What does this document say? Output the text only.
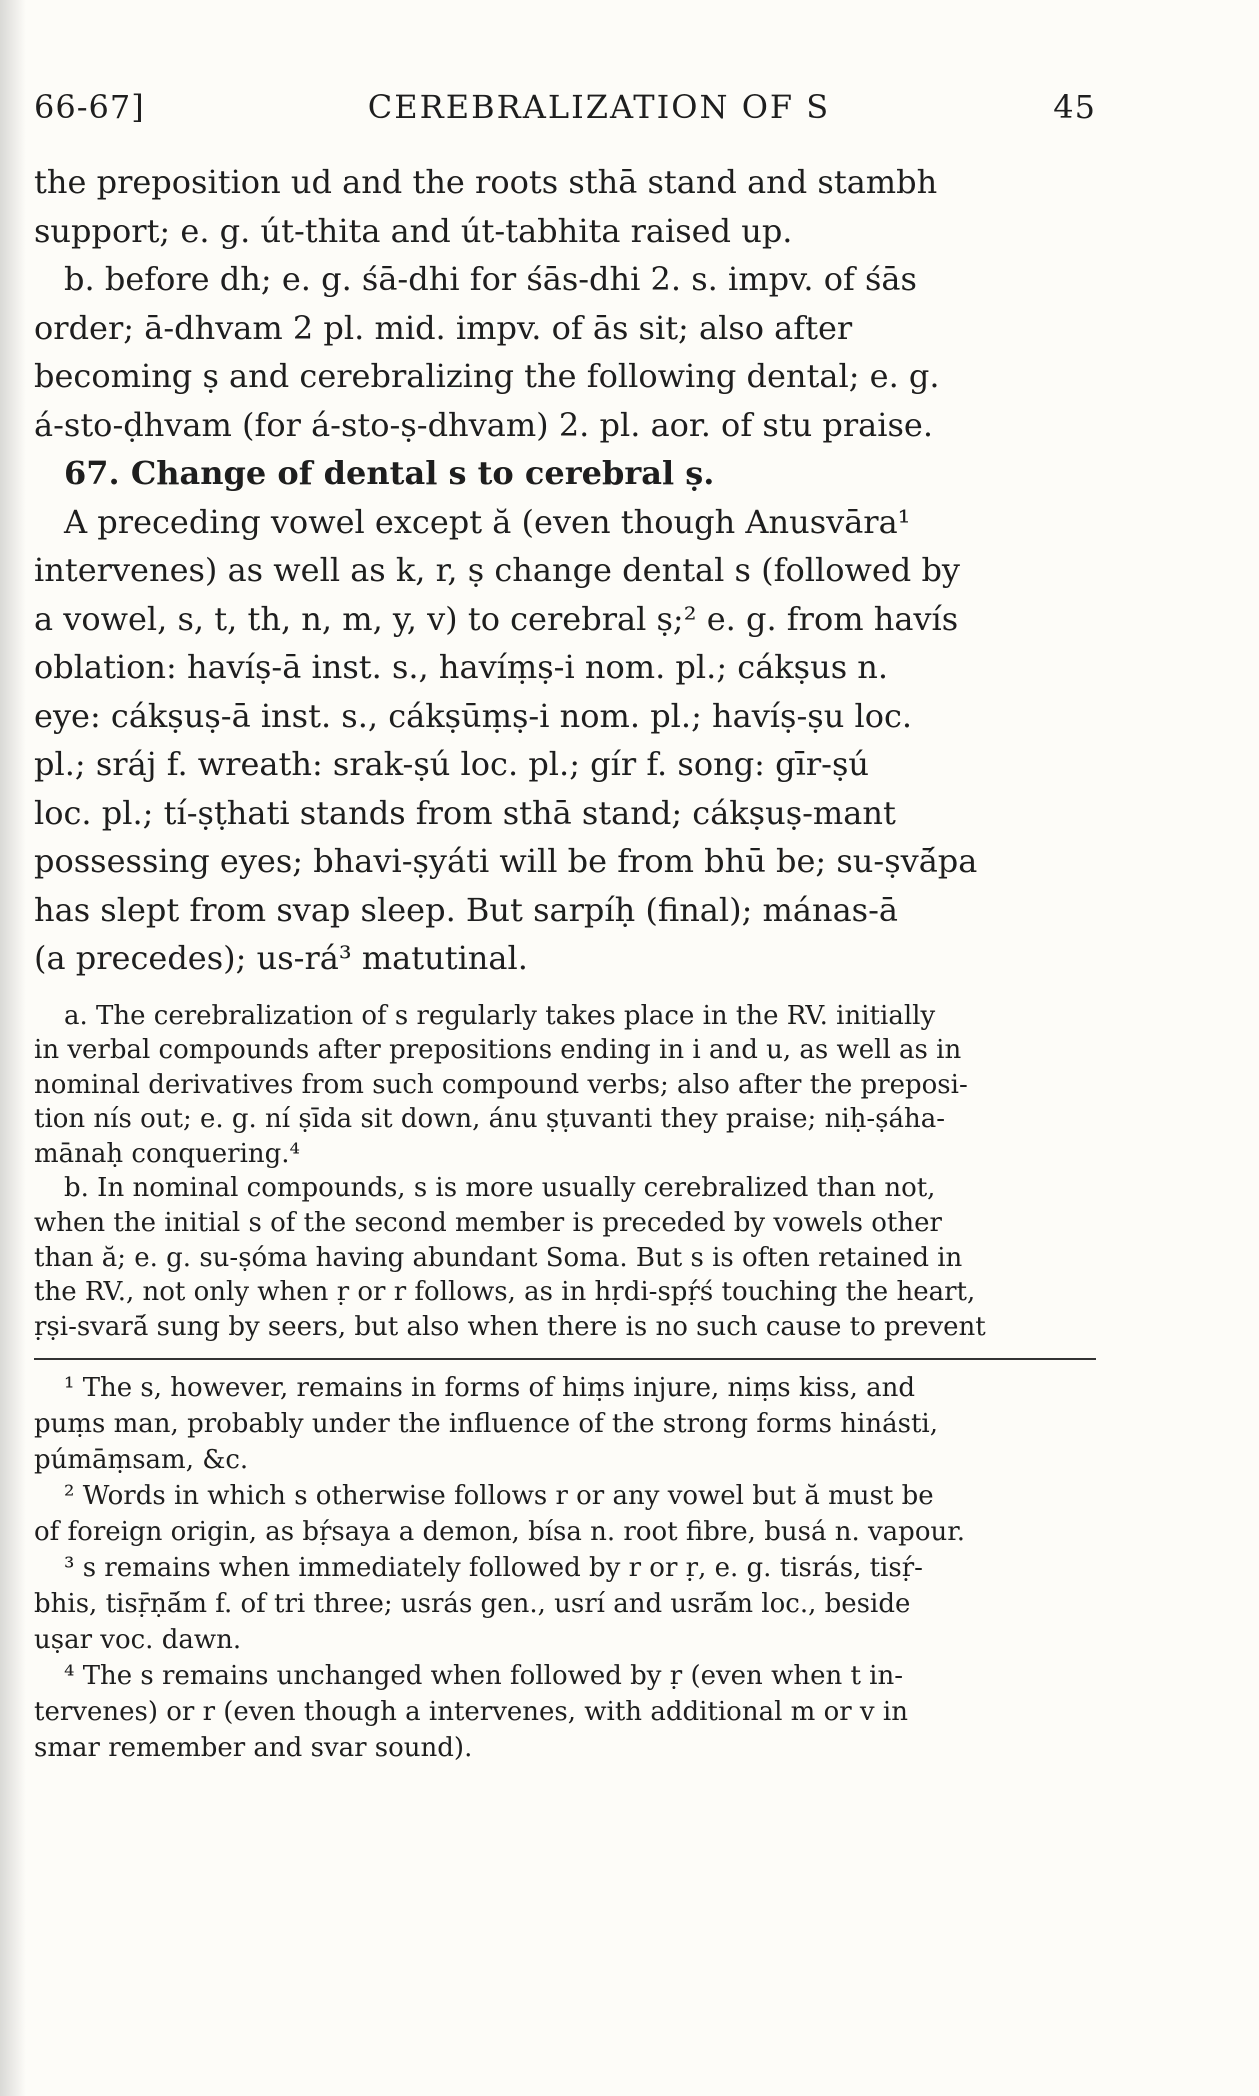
66-67]	CEREBRALIZATION OF S	45
the preposition ud and the roots sthā stand and stambh
support; e. g. út-thita and út-tabhita raised up.
b. before dh; e. g. śā-dhi for śās-dhi 2. s. impv. of śās
order; ā-dhvam 2 pl. mid. impv. of ās sit; also after
becoming ṣ and cerebralizing the following dental; e. g.
á-sto-ḍhvam (for á-sto-ṣ-dhvam) 2. pl. aor. of stu praise.
67. Change of dental s to cerebral ṣ.
A preceding vowel except ă (even though Anusvāra¹
intervenes) as well as k, r, ṣ change dental s (followed by
a vowel, s, t, th, n, m, y, v) to cerebral ṣ;² e. g. from havís
oblation: havíṣ-ā inst. s., havíṃṣ-i nom. pl.; cákṣus n.
eye: cákṣuṣ-ā inst. s., cákṣūṃṣ-i nom. pl.; havíṣ-ṣu loc.
pl.; sráj f. wreath: srak-ṣú loc. pl.; gír f. song: gīr-ṣú
loc. pl.; tí-ṣṭhati stands from sthā stand; cákṣuṣ-mant
possessing eyes; bhavi-ṣyáti will be from bhū be; su-ṣvā́pa
has slept from svap sleep. But sarpíḥ (final); mánas-ā
(a precedes); us-rá³ matutinal.
a. The cerebralization of s regularly takes place in the RV. initially
in verbal compounds after prepositions ending in i and u, as well as in
nominal derivatives from such compound verbs; also after the preposi-
tion nís out; e. g. ní ṣīda sit down, ánu ṣṭuvanti they praise; niḥ-ṣáha-
mānaḥ conquering.⁴
b. In nominal compounds, s is more usually cerebralized than not,
when the initial s of the second member is preceded by vowels other
than ă; e. g. su-ṣóma having abundant Soma. But s is often retained in
the RV., not only when ṛ or r follows, as in hṛdi-spṛ́ś touching the heart,
ṛṣi-svarā́ sung by seers, but also when there is no such cause to prevent
¹ The s, however, remains in forms of hiṃs injure, niṃs kiss, and
puṃs man, probably under the influence of the strong forms hinásti,
púmāṃsam, &c.
² Words in which s otherwise follows r or any vowel but ă must be
of foreign origin, as bṛ́saya a demon, bísa n. root fibre, busá n. vapour.
³ s remains when immediately followed by r or ṛ, e. g. tisrás, tisṛ́-
bhis, tisṝṇā́m f. of tri three; usrás gen., usrí and usrā́m loc., beside
uṣar voc. dawn.
⁴ The s remains unchanged when followed by ṛ (even when t in-
tervenes) or r (even though a intervenes, with additional m or v in
smar remember and svar sound).
